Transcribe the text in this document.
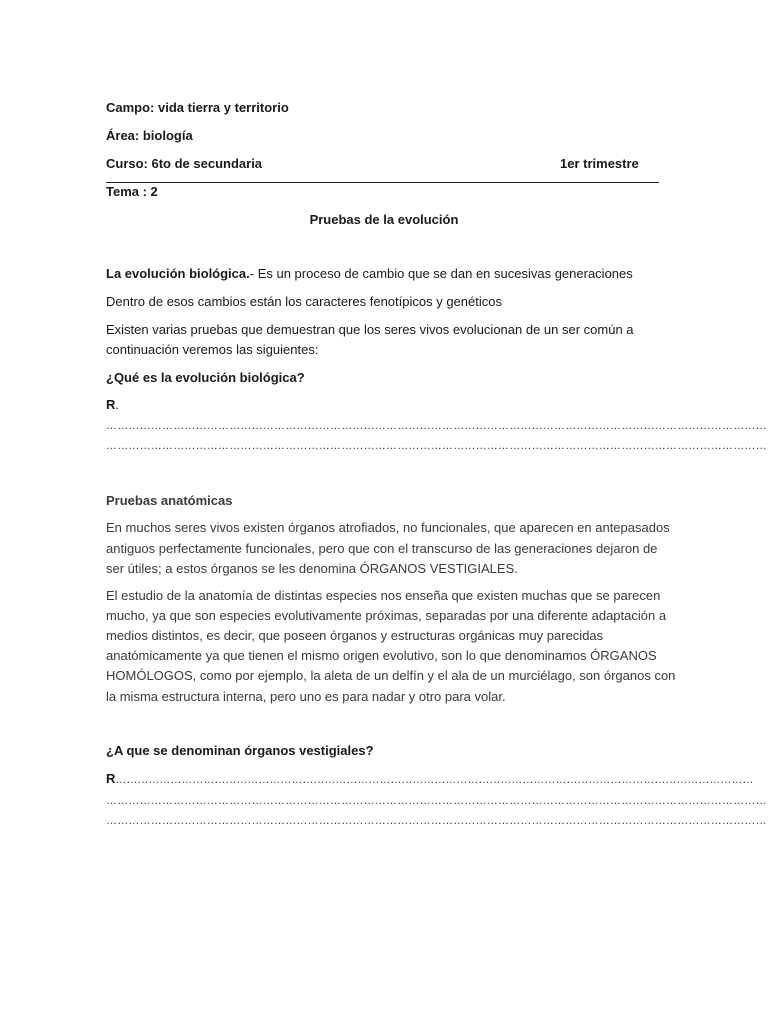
Campo: vida tierra y territorio
Área: biología
Curso: 6to de secundaria	1er trimestre
Tema : 2
Pruebas de la evolución
La evolución biológica.- Es un proceso de cambio que se dan en sucesivas generaciones
Dentro de esos cambios están los caracteres fenotípicos y genéticos
Existen varias pruebas que demuestran que los seres vivos evolucionan de un ser común a
continuación veremos las siguientes:
¿Qué es la evolución biológica?
R.
……………………………………………………………………………………………………………………………………………………………
……………………………………………………………………………………………………………………………………………………………
Pruebas anatómicas
En muchos seres vivos existen órganos atrofiados, no funcionales, que aparecen en antepasados
antiguos perfectamente funcionales, pero que con el transcurso de las generaciones dejaron de
ser útiles; a estos órganos se les denomina ÓRGANOS VESTIGIALES.
El estudio de la anatomía de distintas especies nos enseña que existen muchas que se parecen
mucho, ya que son especies evolutivamente próximas, separadas por una diferente adaptación a
medios distintos, es decir, que poseen órganos y estructuras orgánicas muy parecidas
anatómicamente ya que tienen el mismo origen evolutivo, son lo que denominamos ÓRGANOS
HOMÓLOGOS, como por ejemplo, la aleta de un delfín y el ala de un murciélago, son órganos con
la misma estructura interna, pero uno es para nadar y otro para volar.
¿A que se denominan órganos vestigiales?
R…………………………………………………………………………………………………………………………………………………………
……………………………………………………………………………………………………………………………………………………………
……………………………………………………………………………………………………………………………………………………………
